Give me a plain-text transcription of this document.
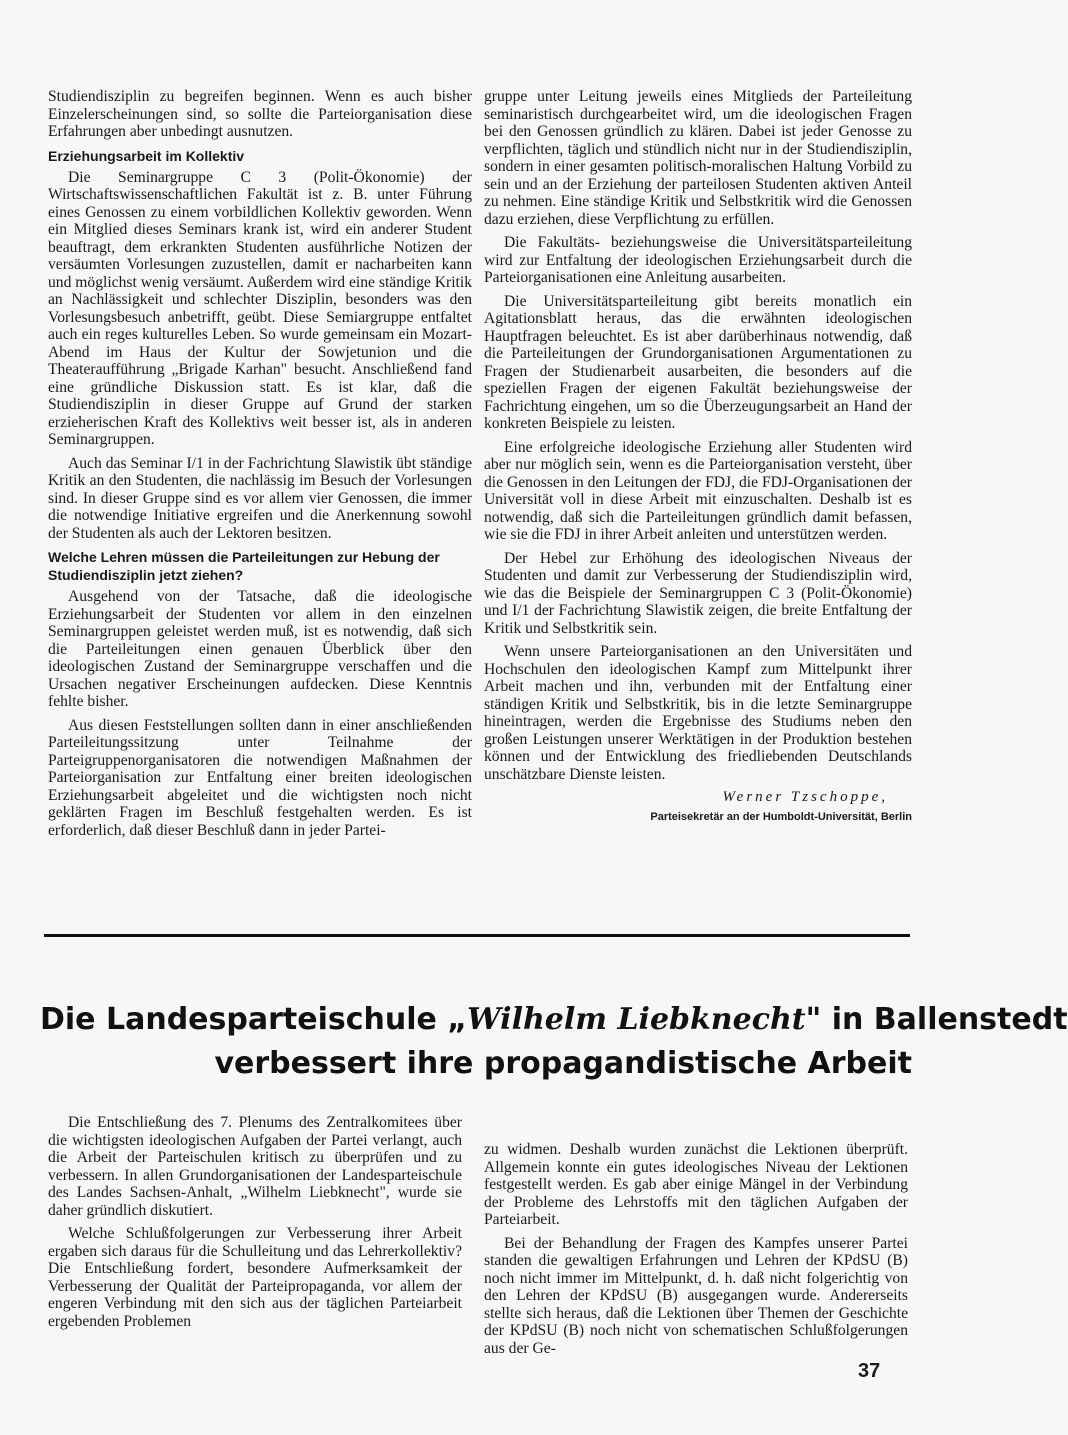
Studiendisziplin zu begreifen beginnen. Wenn es auch bisher Einzelerscheinungen sind, so sollte die Parteiorganisation diese Erfahrungen aber unbedingt ausnutzen.

Erziehungsarbeit im Kollektiv

Die Seminargruppe C 3 (Polit-Ökonomie) der Wirtschaftswissenschaftlichen Fakultät ist z. B. unter Führung eines Genossen zu einem vorbildlichen Kollektiv geworden. Wenn ein Mitglied dieses Seminars krank ist, wird ein anderer Student beauftragt, dem erkrankten Studenten ausführliche Notizen der versäumten Vorlesungen zuzustellen, damit er nacharbeiten kann und möglichst wenig versäumt. Außerdem wird eine ständige Kritik an Nachlässigkeit und schlechter Disziplin, besonders was den Vorlesungsbesuch anbetrifft, geübt. Diese Semiargruppe entfaltet auch ein reges kulturelles Leben. So wurde gemeinsam ein Mozart-Abend im Haus der Kultur der Sowjetunion und die Theateraufführung „Brigade Karhan" besucht. Anschließend fand eine gründliche Diskussion statt. Es ist klar, daß die Studiendisziplin in dieser Gruppe auf Grund der starken erzieherischen Kraft des Kollektivs weit besser ist, als in anderen Seminargruppen.

Auch das Seminar I/1 in der Fachrichtung Slawistik übt ständige Kritik an den Studenten, die nachlässig im Besuch der Vorlesungen sind. In dieser Gruppe sind es vor allem vier Genossen, die immer die notwendige Initiative ergreifen und die Anerkennung sowohl der Studenten als auch der Lektoren besitzen.

Welche Lehren müssen die Parteileitungen zur Hebung der Studiendisziplin jetzt ziehen?

Ausgehend von der Tatsache, daß die ideologische Erziehungsarbeit der Studenten vor allem in den einzelnen Seminargruppen geleistet werden muß, ist es notwendig, daß sich die Parteileitungen einen genauen Überblick über den ideologischen Zustand der Seminargruppe verschaffen und die Ursachen negativer Erscheinungen aufdecken. Diese Kenntnis fehlte bisher.

Aus diesen Feststellungen sollten dann in einer anschließenden Parteileitungssitzung unter Teilnahme der Parteigruppenorganisatoren die notwendigen Maßnahmen der Parteiorganisation zur Entfaltung einer breiten ideologischen Erziehungsarbeit abgeleitet und die wichtigsten noch nicht geklärten Fragen im Beschluß festgehalten werden. Es ist erforderlich, daß dieser Beschluß dann in jeder Partei-

gruppe unter Leitung jeweils eines Mitglieds der Parteileitung seminaristisch durchgearbeitet wird, um die ideologischen Fragen bei den Genossen gründlich zu klären. Dabei ist jeder Genosse zu verpflichten, täglich und stündlich nicht nur in der Studiendisziplin, sondern in einer gesamten politisch-moralischen Haltung Vorbild zu sein und an der Erziehung der parteilosen Studenten aktiven Anteil zu nehmen. Eine ständige Kritik und Selbstkritik wird die Genossen dazu erziehen, diese Verpflichtung zu erfüllen.

Die Fakultäts- beziehungsweise die Universitätsparteileitung wird zur Entfaltung der ideologischen Erziehungsarbeit durch die Parteiorganisationen eine Anleitung ausarbeiten.

Die Universitätsparteileitung gibt bereits monatlich ein Agitationsblatt heraus, das die erwähnten ideologischen Hauptfragen beleuchtet. Es ist aber darüberhinaus notwendig, daß die Parteileitungen der Grundorganisationen Argumentationen zu Fragen der Studienarbeit ausarbeiten, die besonders auf die speziellen Fragen der eigenen Fakultät beziehungsweise der Fachrichtung eingehen, um so die Überzeugungsarbeit an Hand der konkreten Beispiele zu leisten.

Eine erfolgreiche ideologische Erziehung aller Studenten wird aber nur möglich sein, wenn es die Parteiorganisation versteht, über die Genossen in den Leitungen der FDJ, die FDJ-Organisationen der Universität voll in diese Arbeit mit einzuschalten. Deshalb ist es notwendig, daß sich die Parteileitungen gründlich damit befassen, wie sie die FDJ in ihrer Arbeit anleiten und unterstützen werden.

Der Hebel zur Erhöhung des ideologischen Niveaus der Studenten und damit zur Verbesserung der Studiendisziplin wird, wie das die Beispiele der Seminargruppen C 3 (Polit-Ökonomie) und I/1 der Fachrichtung Slawistik zeigen, die breite Entfaltung der Kritik und Selbstkritik sein.

Wenn unsere Parteiorganisationen an den Universitäten und Hochschulen den ideologischen Kampf zum Mittelpunkt ihrer Arbeit machen und ihn, verbunden mit der Entfaltung einer ständigen Kritik und Selbstkritik, bis in die letzte Seminargruppe hineintragen, werden die Ergebnisse des Studiums neben den großen Leistungen unserer Werktätigen in der Produktion bestehen können und der Entwicklung des friedliebenden Deutschlands unschätzbare Dienste leisten.

Werner Tzschoppe,
Parteisekretär an der Humboldt-Universität, Berlin
Die Landesparteischule „Wilhelm Liebknecht" in Ballenstedt
verbessert ihre propagandistische Arbeit

Die Entschließung des 7. Plenums des Zentralkomitees über die wichtigsten ideologischen Aufgaben der Partei verlangt, auch die Arbeit der Parteischulen kritisch zu überprüfen und zu verbessern. In allen Grundorganisationen der Landesparteischule des Landes Sachsen-Anhalt, „Wilhelm Liebknecht", wurde sie daher gründlich diskutiert.

Welche Schlußfolgerungen zur Verbesserung ihrer Arbeit ergaben sich daraus für die Schulleitung und das Lehrerkollektiv? Die Entschließung fordert, besondere Aufmerksamkeit der Verbesserung der Qualität der Parteipropaganda, vor allem der engeren Verbindung mit den sich aus der täglichen Parteiarbeit ergebenden Problemen

zu widmen. Deshalb wurden zunächst die Lektionen überprüft. Allgemein konnte ein gutes ideologisches Niveau der Lektionen festgestellt werden. Es gab aber einige Mängel in der Verbindung der Probleme des Lehrstoffs mit den täglichen Aufgaben der Parteiarbeit.

Bei der Behandlung der Fragen des Kampfes unserer Partei standen die gewaltigen Erfahrungen und Lehren der KPdSU (B) noch nicht immer im Mittelpunkt, d. h. daß nicht folgerichtig von den Lehren der KPdSU (B) ausgegangen wurde. Andererseits stellte sich heraus, daß die Lektionen über Themen der Geschichte der KPdSU (B) noch nicht von schematischen Schlußfolgerungen aus der Ge-

37
